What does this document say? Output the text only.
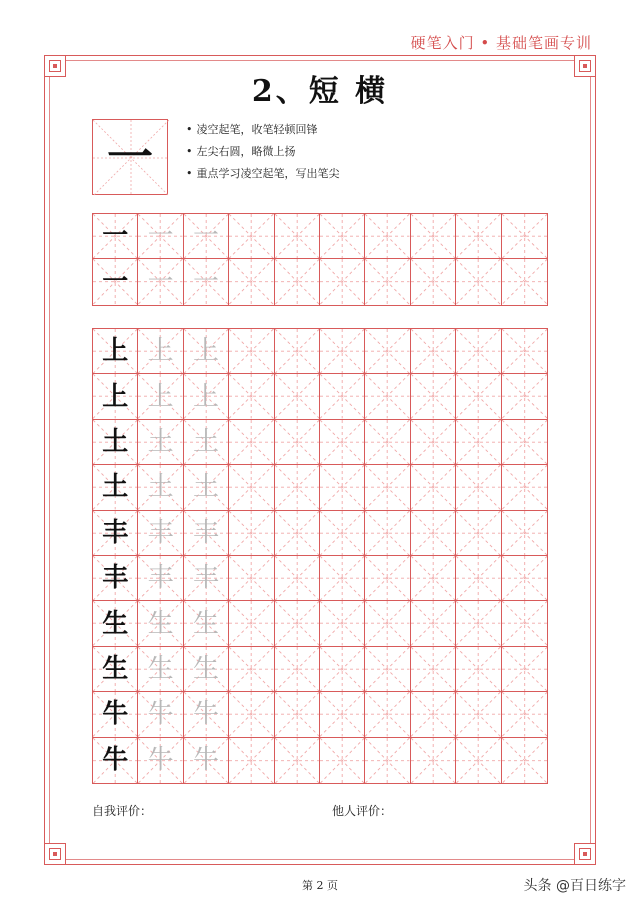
硬笔入门 • 基础笔画专训
2、短 横
一
• 凌空起笔，收笔轻顿回锋
• 左尖右圆，略微上扬
• 重点学习凌空起笔，写出笔尖
一 一 一
一 一 一
上 上 上
上 上 上
土 土 土
土 土 土
丰 丰 丰
丰 丰 丰
生 生 生
生 生 生
牛 牛 牛
牛 牛 牛
自我评价：	他人评价：
第 2 页	头条 @百日练字
